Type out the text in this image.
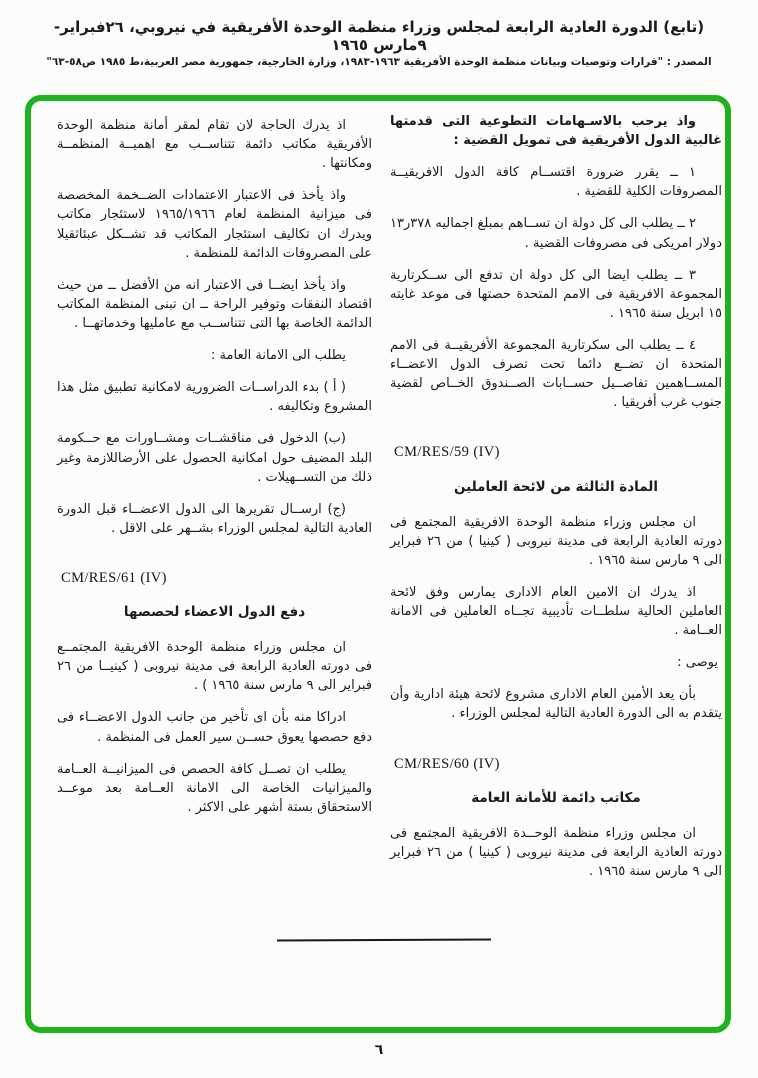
(تابع) الدورة العادية الرابعة لمجلس وزراء منظمة الوحدة الأفريقية في نيروبي، ٢٦فبراير- ٩مارس ١٩٦٥
المصدر : "قرارات وتوصيات وبيانات منظمة الوحدة الأفريقية ١٩٦٣-١٩٨٣، وزارة الخارجية، جمهورية مصر العربية،ط ١٩٨٥ ص٥٨-٦٣"
واذ يرحب بالاسـهامات التطوعية التى قدمتها غالبية الدول الأفريقية فى تمويل القضية :
١ ــ يقرر ضرورة اقتســام كافة الدول الافريقيــة المصروفات الكلية للقضية .
٢ ــ يطلب الى كل دولة ان تســاهم بمبلغ اجماليه ٣٧٨ر١٣ دولار امريكى فى مصروفات القضية .
٣ ــ يطلب ايضا الى كل دولة ان تدفع الى ســكرتارية المجموعة الافريقية فى الامم المتحدة حصتها فى موعد غايته ١٥ ابريل سنة ١٩٦٥ .
٤ ــ يطلب الى سكرتارية المجموعة الأفريقيــة فى الامم المتحدة ان تضــع دائما تحت تصرف الدول الاعضــاء المســاهمين تفاصــيل حســابات الصــندوق الخــاص لقضية جنوب غرب أفريقيا .
CM/RES/59 (IV)
المادة الثالثة من لائحة العاملين
ان مجلس وزراء منظمة الوحدة الافريقية المجتمع فى دورته العادية الرابعة فى مدينة نيروبى ( كينيا ) من ٢٦ فبراير الى ٩ مارس سنة ١٩٦٥ .
اذ يدرك ان الامين العام الادارى يمارس وفق لائحة العاملين الحالية سلطــات تأديبية تجــاه العاملين فى الامانة العــامة .
يوصى :
بأن يعد الأمين العام الادارى مشروع لائحة هيئة ادارية وأن يتقدم به الى الدورة العادية التالية لمجلس الوزراء .
CM/RES/60 (IV)
مكاتب دائمة للأمانة العامة
ان مجلس وزراء منظمة الوحــدة الافريقية المجتمع فى دورته العادية الرابعة فى مدينة نيروبى ( كينيا ) من ٢٦ فبراير الى ٩ مارس سنة ١٩٦٥ .
اذ يدرك الحاجة لان تقام لمقر أمانة منظمة الوحدة الأفريقية مكاتب دائمة تتناســب مع اهميــة المنظمــة ومكانتها .
واذ يأخذ فى الاعتبار الاعتمادات الضــخمة المخصصة فى ميزانية المنظمة لعام ١٩٦٥/١٩٦٦ لاستئجار مكاتب ويدرك ان تكاليف استئجار المكاتب قد تشــكل عبئاثقيلا على المصروفات الدائمة للمنظمة .
واذ يأخذ ايضــا فى الاعتبار انه من الأفضل ــ من حيث اقتصاد النفقات وتوفير الراحة ــ ان تبنى المنظمة المكاتب الدائمة الخاصة بها التى تتناســب مع عامليها وخدماتهــا .
يطلب الى الامانة العامة :
( أ ) بدء الدراســات الضرورية لامكانية تطبيق مثل هذا المشروع وتكاليفه .
(ب) الدخول فى مناقشــات ومشــاورات مع حــكومة البلد المضيف حول امكانية الحصول على الأرضاللازمة وغير ذلك من التســهيلات .
(ج) ارســال تقريرها الى الدول الاعضــاء قبل الدورة العادية التالية لمجلس الوزراء بشــهر على الاقل .
CM/RES/61 (IV)
دفع الدول الاعضاء لحصصها
ان مجلس وزراء منظمة الوحدة الافريقية المجتمــع فى دورته العادية الرابعة فى مدينة نيروبى ( كينيــا من ٢٦ فبراير الى ٩ مارس سنة ١٩٦٥ ) .
ادراكا منه بأن اى تأخير من جانب الدول الاعضــاء فى دفع حصصها يعوق حســن سير العمل فى المنظمة .
يطلب ان تصــل كافة الحصص فى الميزانيــة العــامة والميزانيات الخاصة الى الامانة العــامة بعد موعــد الاستحقاق بستة أشهر على الاكثر .
٦
